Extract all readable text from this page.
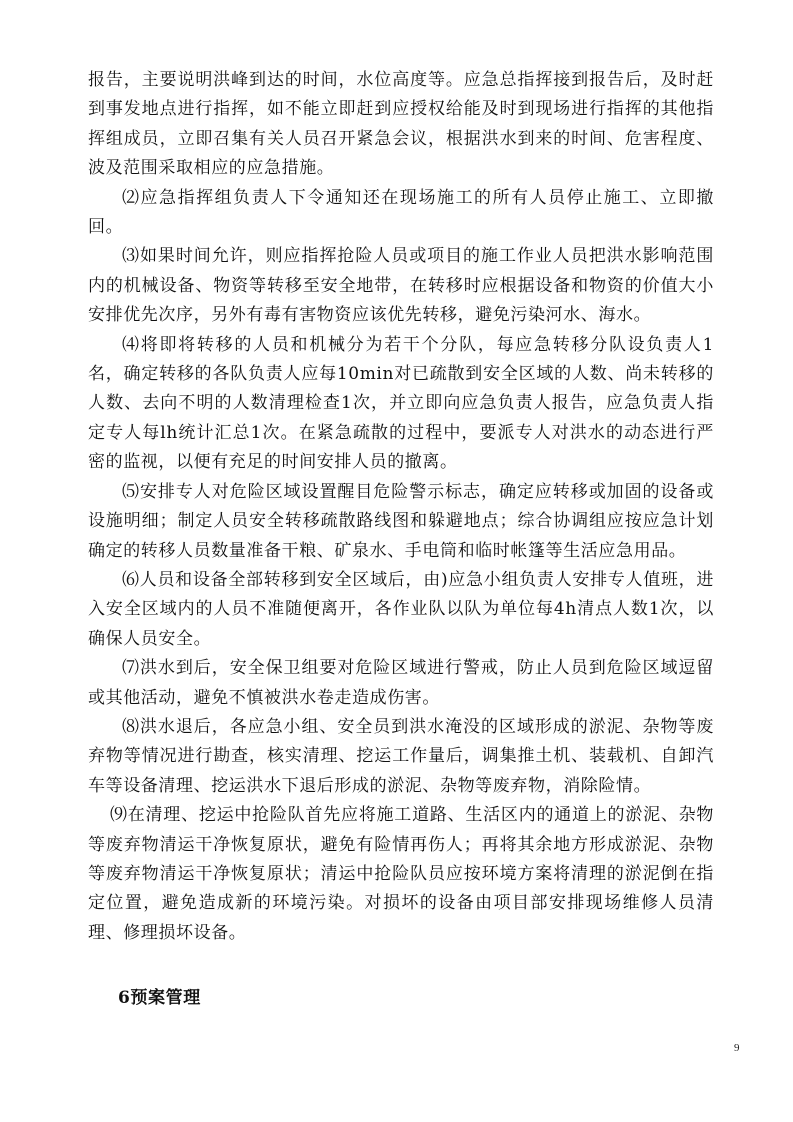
报告，主要说明洪峰到达的时间，水位高度等。应急总指挥接到报告后，及时赶到事发地点进行指挥，如不能立即赶到应授权给能及时到现场进行指挥的其他指挥组成员，立即召集有关人员召开紧急会议，根据洪水到来的时间、危害程度、波及范围采取相应的应急措施。

⑵应急指挥组负责人下令通知还在现场施工的所有人员停止施工、立即撤回。

⑶如果时间允许，则应指挥抢险人员或项目的施工作业人员把洪水影响范围内的机械设备、物资等转移至安全地带，在转移时应根据设备和物资的价值大小安排优先次序，另外有毒有害物资应该优先转移，避免污染河水、海水。

⑷将即将转移的人员和机械分为若干个分队，每应急转移分队设负责人1名，确定转移的各队负责人应每10min对已疏散到安全区域的人数、尚未转移的人数、去向不明的人数清理检查1次，并立即向应急负责人报告，应急负责人指定专人每lh统计汇总1次。在紧急疏散的过程中，要派专人对洪水的动态进行严密的监视，以便有充足的时间安排人员的撤离。

⑸安排专人对危险区域设置醒目危险警示标志，确定应转移或加固的设备或设施明细；制定人员安全转移疏散路线图和躲避地点；综合协调组应按应急计划确定的转移人员数量准备干粮、矿泉水、手电筒和临时帐篷等生活应急用品。

⑹人员和设备全部转移到安全区域后，由)应急小组负责人安排专人值班，进入安全区域内的人员不准随便离开，各作业队以队为单位每4h清点人数1次，以确保人员安全。

⑺洪水到后，安全保卫组要对危险区域进行警戒，防止人员到危险区域逗留或其他活动，避免不慎被洪水卷走造成伤害。

⑻洪水退后，各应急小组、安全员到洪水淹没的区域形成的淤泥、杂物等废弃物等情况进行勘查，核实清理、挖运工作量后，调集推土机、装载机、自卸汽车等设备清理、挖运洪水下退后形成的淤泥、杂物等废弃物，消除险情。

⑼在清理、挖运中抢险队首先应将施工道路、生活区内的通道上的淤泥、杂物等废弃物清运干净恢复原状，避免有险情再伤人；再将其余地方形成淤泥、杂物等废弃物清运干净恢复原状；清运中抢险队员应按环境方案将清理的淤泥倒在指定位置，避免造成新的环境污染。对损坏的设备由项目部安排现场维修人员清理、修理损坏设备。

6预案管理
9
